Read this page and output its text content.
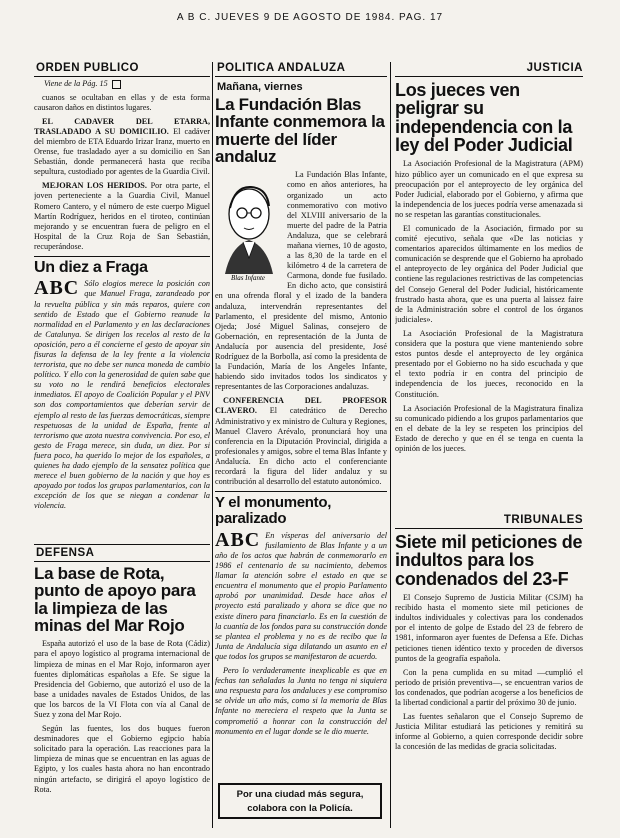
A B C. JUEVES 9 DE AGOSTO DE 1984. PAG. 17
ORDEN PUBLICO
Viene de la Pág. 15

cuanos se ocultaban en ellas y de esta forma causaron daños en distintos lugares.

EL CADAVER DEL ETARRA, TRASLADADO A SU DOMICILIO. El cadáver del miembro de ETA Eduardo Irizar Iranz, muerto en Orense, fue trasladado ayer a su domicilio en San Sebastián, donde permanecerá hasta que reciba sepultura, custodiado por agentes de la Guardia Civil.

MEJORAN LOS HERIDOS. Por otra parte, el joven perteneciente a la Guardia Civil, Manuel Romero Cantero, y el número de este cuerpo Miguel Martín Rodríguez, heridos en el tiroteo, continúan mejorando y se encuentran fuera de peligro en el Hospital de la Cruz Roja de San Sebastián, recuperándose.

Un diez a Fraga
ABC Sólo elogios merece la posición con que Manuel Fraga, zarandeado por la revuelta pública y sin más reparos, quiere con sentido de Estado que el Gobierno reanude la normalidad en el Parlamento y en las declaraciones de Catalunya. Se dirigen los recelos al resto de la oposición, pero a él concierne el gesto de apoyar sin fisuras la defensa de la ley frente a la violencia terrorista, que no debe ser nunca moneda de cambio político. Y ello con la generosidad de quien sabe que su voto no le rendirá beneficios electorales inmediatos. El apoyo de Coalición Popular y el PNV son dos comportamientos que deberían servir de ejemplo al resto de las fuerzas democráticas, siempre respetuosas de la unidad de España, frente al terrorismo que azota nuestra convivencia. Por eso, el gesto de Fraga merece, sin duda, un diez. Por si fuera poco, ha querido lo mejor de los españoles, a quienes ha dado ejemplo de la sensatez política que merece el buen gobierno de la nación y que hoy es apoyado por todos los grupos parlamentarios, con la excepción de los que se niegan a condenar la violencia.

DEFENSA
La base de Rota, punto de apoyo para la limpieza de las minas del Mar Rojo

España autorizó el uso de la base de Rota (Cádiz) para el apoyo logístico al programa internacional de limpieza de minas en el Mar Rojo, informaron ayer fuentes diplomáticas españolas a Efe. Se sigue la Presidencia del Gobierno, que autorizó el uso de la base a unidades navales de Estados Unidos, de las que los barcos de la VI Flota con vía al Canal de Suez y zona del Mar Rojo.

Según las fuentes, los dos buques fueron desminadores que el Gobierno egipcio había solicitado para la operación. Las reacciones para la limpieza de minas que se encuentran en las aguas de Egipto, y los cuales hasta ahora no han encontrado ningún artefacto, se dirigirá el apoyo logístico de Rota.

POLITICA ANDALUZA
Mañana, viernes
La Fundación Blas Infante conmemora la muerte del líder andaluz
Blas Infante

La Fundación Blas Infante, como en años anteriores, ha organizado un acto conmemorativo con motivo del XLVIII aniversario de la muerte del padre de la Patria Andaluza, que se celebrará mañana viernes, 10 de agosto, a las 8,30 de la tarde en el kilómetro 4 de la carretera de Carmona, donde fue fusilado. En dicho acto, que consistirá en una ofrenda floral y el izado de la bandera andaluza, intervendrán representantes del Parlamento, el presidente del mismo, Antonio Ojeda; José Miguel Salinas, consejero de Gobernación, en representación de la Junta de Andalucía por ausencia del presidente, José Rodríguez de la Borbolla, así como la presidenta de la Fundación, María de los Angeles Infante, habiendo sido invitados todos los sindicatos y representantes de las Corporaciones andaluzas.

CONFERENCIA DEL PROFESOR CLAVERO. El catedrático de Derecho Administrativo y ex ministro de Cultura y Regiones, Manuel Clavero Arévalo, pronunciará hoy una conferencia en la Diputación Provincial, dirigida a profesionales y amigos, sobre el tema Blas Infante y Andalucía. En dicho acto el conferenciante recordará la figura del líder andaluz y su contribución al desarrollo del estatuto autonómico.

Y el monumento, paralizado
ABC En vísperas del aniversario del fusilamiento de Blas Infante y a un año de los actos que habrán de conmemorarlo en 1986 el centenario de su nacimiento, debemos llamar la atención sobre el estado en que se encuentra el monumento que el propio Parlamento aprobó por unanimidad. Desde hace años el proyecto está paralizado y ahora se dice que no existe dinero para financiarlo. Es en la cuestión de la cuantía de los fondos para su construcción donde se plantea el problema y no es de recibo que la Junta de Andalucía siga dilatando un asunto en el que todos los grupos se manifestaron de acuerdo.

Pero lo verdaderamente inexplicable es que en fechas tan señaladas la Junta no tenga ni siquiera una respuesta para los andaluces y ese compromiso se olvide un año más, como si la memoria de Blas Infante no mereciera el respeto que la Junta se comprometió a honrar con la construcción del monumento en el lugar donde se le dio muerte.

Por una ciudad más segura,
colabora con la Policía.
JUSTICIA
Los jueces ven peligrar su independencia con la ley del Poder Judicial

La Asociación Profesional de la Magistratura (APM) hizo público ayer un comunicado en el que expresa su preocupación por el anteproyecto de ley orgánica del Poder Judicial, elaborado por el Gobierno, y afirma que la independencia de los jueces podría verse amenazada si no se respetan las garantías constitucionales.

El comunicado de la Asociación, firmado por su comité ejecutivo, señala que «De las noticias y comentarios aparecidos últimamente en los medios de comunicación se desprende que el Gobierno ha aprobado el anteproyecto de ley orgánica del Poder Judicial que contiene las regulaciones restrictivas de las competencias del Consejo General del Poder Judicial, históricamente frustrado hasta ahora, que es una puerta al laissez faire de la Administración sobre el control de los órganos judiciales».

La Asociación Profesional de la Magistratura considera que la postura que viene manteniendo sobre estos puntos desde el anteproyecto de ley orgánica presentado por el Gobierno no ha sido escuchada y que el texto podría ir en contra del principio de independencia de los jueces, reconocido en la Constitución.

La Asociación Profesional de la Magistratura finaliza su comunicado pidiendo a los grupos parlamentarios que en el debate de la ley se respeten los principios del Estado de derecho y que en él se tenga en cuenta la opinión de los jueces.

TRIBUNALES
Siete mil peticiones de indultos para los condenados del 23-F

El Consejo Supremo de Justicia Militar (CSJM) ha recibido hasta el momento siete mil peticiones de indultos individuales y colectivas para los condenados por el intento de golpe de Estado del 23 de febrero de 1981, informaron ayer fuentes de Defensa a Efe. Dichas peticiones tienen idéntico texto y proceden de diversos puntos de la geografía española.

Con la pena cumplida en su mitad —cumplió el periodo de prisión preventiva—, se encuentran varios de los condenados, que podrían acogerse a los beneficios de la libertad condicional a partir del próximo 30 de junio.

Las fuentes señalaron que el Consejo Supremo de Justicia Militar estudiará las peticiones y remitirá su informe al Gobierno, a quien corresponde decidir sobre la concesión de las medidas de gracia solicitadas.
